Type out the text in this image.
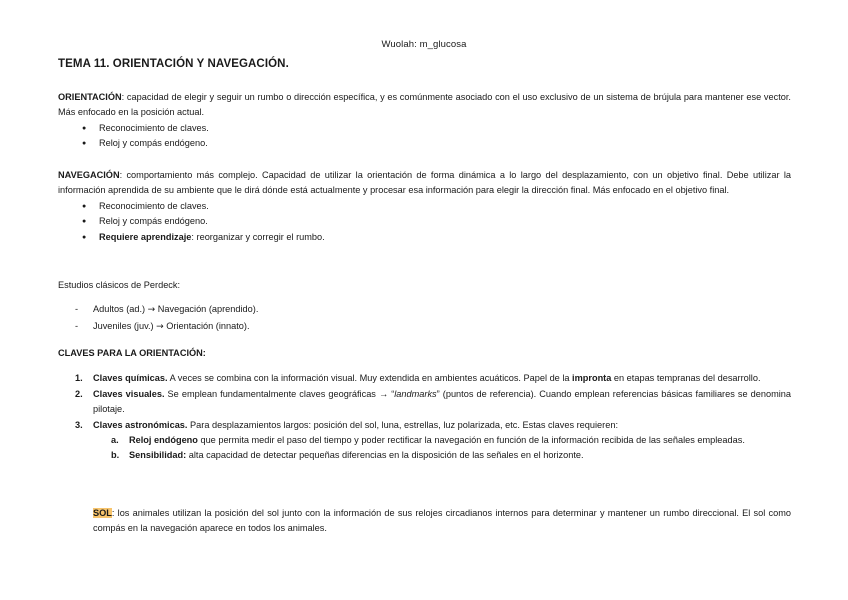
Wuolah: m_glucosa
TEMA 11. ORIENTACIÓN Y NAVEGACIÓN.

ORIENTACIÓN: capacidad de elegir y seguir un rumbo o dirección específica, y es comúnmente asociado con el uso exclusivo de un sistema de brújula para mantener ese vector. Más enfocado en la posición actual.

● Reconocimiento de claves.
● Reloj y compás endógeno.

NAVEGACIÓN: comportamiento más complejo. Capacidad de utilizar la orientación de forma dinámica a lo largo del desplazamiento, con un objetivo final. Debe utilizar la información aprendida de su ambiente que le dirá dónde está actualmente y procesar esa información para elegir la dirección final. Más enfocado en el objetivo final.

● Reconocimiento de claves.
● Reloj y compás endógeno.
● Requiere aprendizaje: reorganizar y corregir el rumbo.

Estudios clásicos de Perdeck:

- Adultos (ad.) → Navegación (aprendido).
- Juveniles (juv.) → Orientación (innato).

CLAVES PARA LA ORIENTACIÓN:

1. Claves químicas. A veces se combina con la información visual. Muy extendida en ambientes acuáticos. Papel de la impronta en etapas tempranas del desarrollo.
2. Claves visuales. Se emplean fundamentalmente claves geográficas → “landmarks” (puntos de referencia). Cuando emplean referencias básicas familiares se denomina pilotaje.
3. Claves astronómicas. Para desplazamientos largos: posición del sol, luna, estrellas, luz polarizada, etc. Estas claves requieren:
a. Reloj endógeno que permita medir el paso del tiempo y poder rectificar la navegación en función de la información recibida de las señales empleadas.
b. Sensibilidad: alta capacidad de detectar pequeñas diferencias en la disposición de las señales en el horizonte.

SOL: los animales utilizan la posición del sol junto con la información de sus relojes circadianos internos para determinar y mantener un rumbo direccional. El sol como compás en la navegación aparece en todos los animales.
